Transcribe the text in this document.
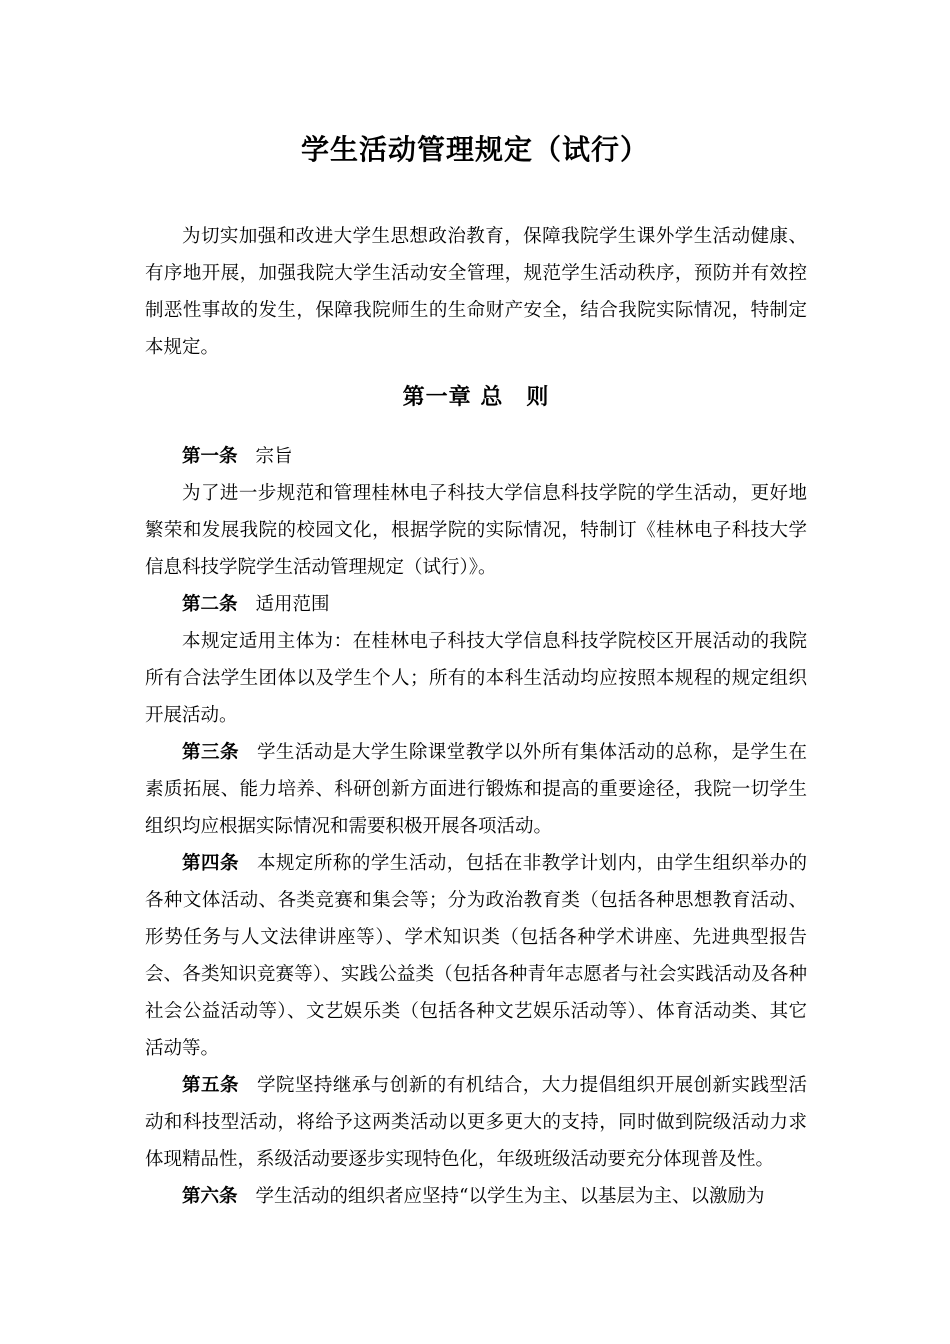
学生活动管理规定（试行）

为切实加强和改进大学生思想政治教育，保障我院学生课外学生活动健康、有序地开展，加强我院大学生活动安全管理，规范学生活动秩序，预防并有效控制恶性事故的发生，保障我院师生的生命财产安全，结合我院实际情况，特制定本规定。

第一章 总　则

第一条 宗旨

为了进一步规范和管理桂林电子科技大学信息科技学院的学生活动，更好地繁荣和发展我院的校园文化，根据学院的实际情况，特制订《桂林电子科技大学信息科技学院学生活动管理规定（试行）》。

第二条 适用范围

本规定适用主体为：在桂林电子科技大学信息科技学院校区开展活动的我院所有合法学生团体以及学生个人；所有的本科生活动均应按照本规程的规定组织开展活动。

第三条 学生活动是大学生除课堂教学以外所有集体活动的总称，是学生在素质拓展、能力培养、科研创新方面进行锻炼和提高的重要途径，我院一切学生组织均应根据实际情况和需要积极开展各项活动。

第四条 本规定所称的学生活动，包括在非教学计划内，由学生组织举办的各种文体活动、各类竞赛和集会等；分为政治教育类（包括各种思想教育活动、形势任务与人文法律讲座等）、学术知识类（包括各种学术讲座、先进典型报告会、各类知识竞赛等）、实践公益类（包括各种青年志愿者与社会实践活动及各种社会公益活动等）、文艺娱乐类（包括各种文艺娱乐活动等）、体育活动类、其它活动等。

第五条 学院坚持继承与创新的有机结合，大力提倡组织开展创新实践型活动和科技型活动，将给予这两类活动以更多更大的支持，同时做到院级活动力求体现精品性，系级活动要逐步实现特色化，年级班级活动要充分体现普及性。

第六条 学生活动的组织者应坚持“以学生为主、以基层为主、以激励为
